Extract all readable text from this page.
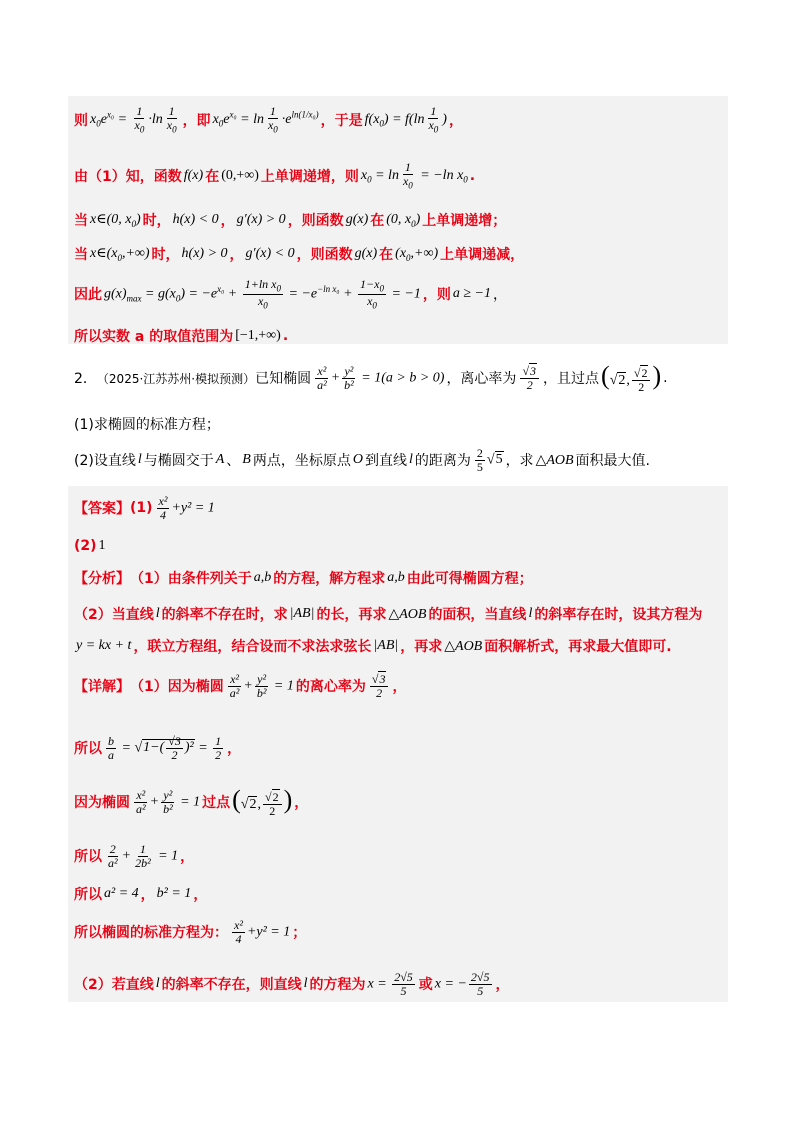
则 $x_0e^{x_0} = \frac{1}{x_0} \cdot\ln \frac{1}{x_0}$ ，即 $x_0e^{x_0} = \ln \frac{1}{x_0} \cdot e^{ln(1/x_0)}$ ，于是 $f(x_0) = f(\ln \frac{1}{x_0}$ ) ，
由（1）知，函数 f(x) 在 (0,+∞) 上单调递增，则 $x_0 = \ln \frac{1}{x_0} = -\ln$ $x_0$ .
当 x∈(0, $x_0$) 时， h(x) < 0 ， g′(x) > 0 ，则函数 g(x) 在 (0, $x_0$) 上单调递增；
当 $x\in(x_0,+\infty)$ 时， h(x) > 0 ， g′(x) < 0 ，则函数 g(x) 在 $(x_0,+\infty)$ 上单调递减，
因此 $g(x)_{max} = g(x_0) = -e^{x_0} + \frac{1+\ln x_0}{x_0} = -e^{-ln x_0} + \frac{1-x_0}{x_0} = -1$ ，则 a ≥ −1 ，
所以实数 a 的取值范围为 [−1,+∞) .
2． （2025·江苏苏州·模拟预测） 已知椭圆 $\frac{\text{x²}}{\text{a²}} + \frac{\text{y²}}{\text{b²}} = 1(a > b > 0)$ ，离心率为 $\frac{√3}{2}$ ，且过点 (√2, $\frac{√2}{2}$ ) .
(1)求椭圆的标准方程；
(2)设直线 l 与椭圆交于 A 、 B 两点，坐标原点 O 到直线 l 的距离为 $\frac{2}{5} √5$ ，求 △AOB 面积最大值.
【答案】 $(1) \frac{\text{x²}}{4} +y^2 = 1$
(2) 1
【分析】 （1）由条件列关于 a,b 的方程，解方程求 a,b 由此可得椭圆方程；
（2）当直线 l 的斜率不存在时，求 |AB| 的长，再求 △AOB 的面积，当直线 l 的斜率存在时，设其方程为
y = kx + t ，联立方程组，结合设而不求法求弦长 |AB| ，再求 △AOB 面积解析式，再求最大值即可.
【详解】 （1）因为椭圆 $\frac{\text{x²}}{\text{a²}} + \frac{\text{y²}}{\text{b²}} = 1$ 的离心率为 $\frac{√3}{2}$ ，
所以 $\frac{b}{a} = √1-( \frac{√3}{2} )^2 = \frac{1}{2}$ ，
因为椭圆 $\frac{\text{x²}}{\text{a²}} + \frac{\text{y²}}{\text{b²}} = 1$ 过点 (√2, $\frac{√2}{2}$ ) ，
所以 $\frac{2}{\text{a²}} + \frac{1}{\text{2b²}} = 1$ ，
所以 a² = 4 ， b² = 1 ，
所以椭圆的标准方程为： $\frac{\text{x²}}{4} +y^2 = 1$ ；
（2）若直线 l 的斜率不存在，则直线 l 的方程为 $x = \frac{2√5}{5}$ 或 x = − $\frac{2√5}{5}$ ，
